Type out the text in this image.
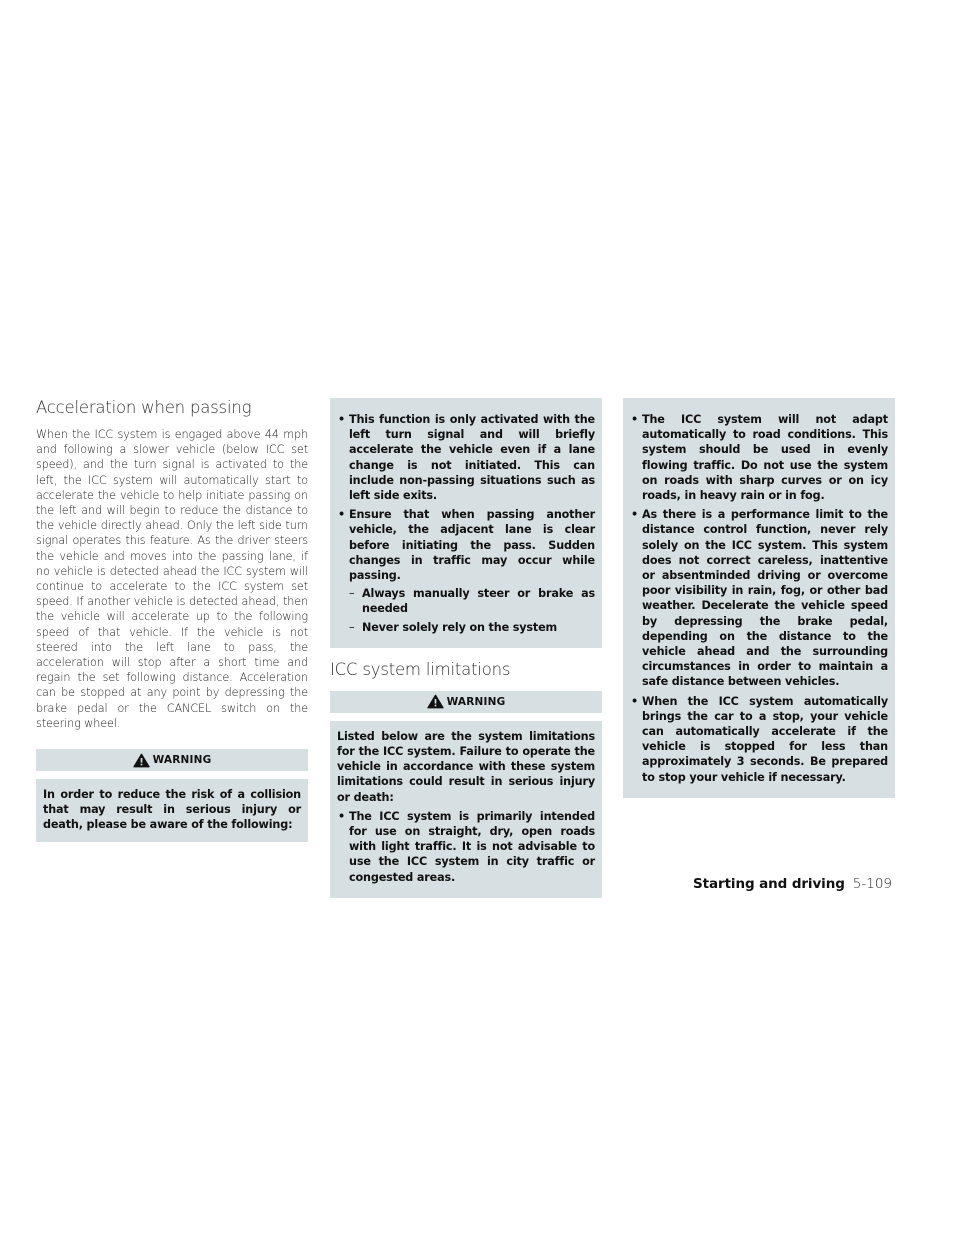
Acceleration when passing

When the ICC system is engaged above 44 mph and following a slower vehicle (below ICC set speed), and the turn signal is activated to the left, the ICC system will automatically start to accelerate the vehicle to help initiate passing on the left and will begin to reduce the distance to the vehicle directly ahead. Only the left side turn signal operates this feature. As the driver steers the vehicle and moves into the passing lane, if no vehicle is detected ahead the ICC system will continue to accelerate to the ICC system set speed. If another vehicle is detected ahead, then the vehicle will accelerate up to the following speed of that vehicle. If the vehicle is not steered into the left lane to pass, the acceleration will stop after a short time and regain the set following distance. Acceleration can be stopped at any point by depressing the brake pedal or the CANCEL switch on the steering wheel.

WARNING

In order to reduce the risk of a collision that may result in serious injury or death, please be aware of the following:

• This function is only activated with the left turn signal and will briefly accelerate the vehicle even if a lane change is not initiated. This can include non-passing situations such as left side exits.
• Ensure that when passing another vehicle, the adjacent lane is clear before initiating the pass. Sudden changes in traffic may occur while passing.
– Always manually steer or brake as needed
– Never solely rely on the system
ICC system limitations
WARNING

Listed below are the system limitations for the ICC system. Failure to operate the vehicle in accordance with these system limitations could result in serious injury or death:

• The ICC system is primarily intended for use on straight, dry, open roads with light traffic. It is not advisable to use the ICC system in city traffic or congested areas.
• The ICC system will not adapt automatically to road conditions. This system should be used in evenly flowing traffic. Do not use the system on roads with sharp curves or on icy roads, in heavy rain or in fog.
• As there is a performance limit to the distance control function, never rely solely on the ICC system. This system does not correct careless, inattentive or absentminded driving or overcome poor visibility in rain, fog, or other bad weather. Decelerate the vehicle speed by depressing the brake pedal, depending on the distance to the vehicle ahead and the surrounding circumstances in order to maintain a safe distance between vehicles.
• When the ICC system automatically brings the car to a stop, your vehicle can automatically accelerate if the vehicle is stopped for less than approximately 3 seconds. Be prepared to stop your vehicle if necessary.
Starting and driving 5-109
